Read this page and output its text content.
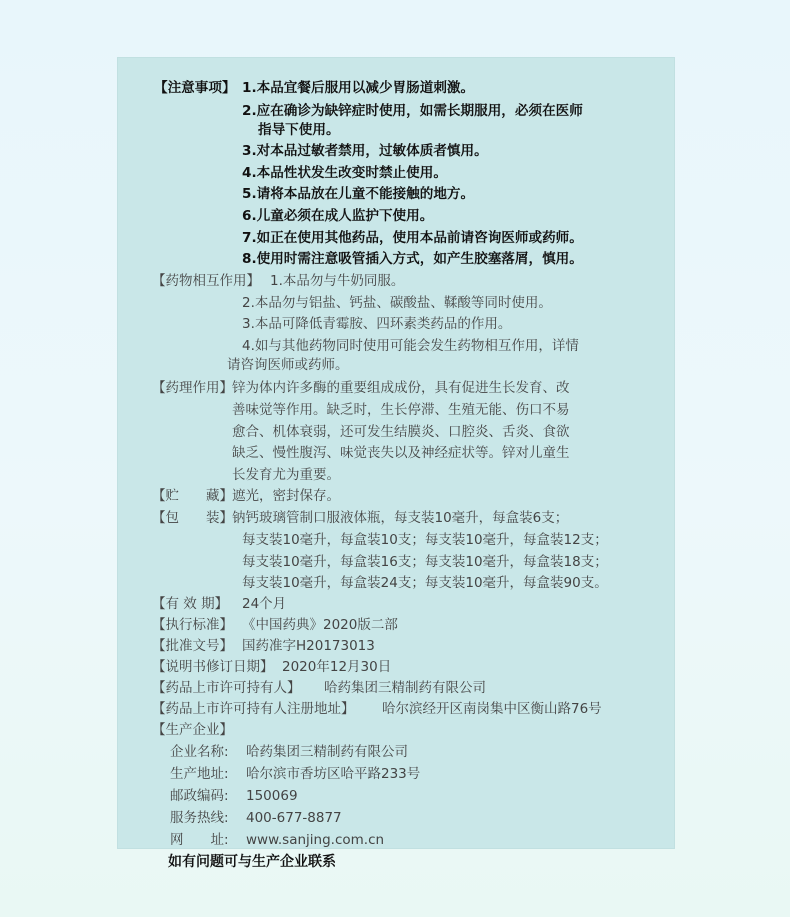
【注意事项】 1.本品宜餐后服用以减少胃肠道刺激。
2.应在确诊为缺锌症时使用，如需长期服用，必须在医师
指导下使用。
3.对本品过敏者禁用，过敏体质者慎用。
4.本品性状发生改变时禁止使用。
5.请将本品放在儿童不能接触的地方。
6.儿童必须在成人监护下使用。
7.如正在使用其他药品，使用本品前请咨询医师或药师。
8.使用时需注意吸管插入方式，如产生胶塞落屑，慎用。
【药物相互作用】 1.本品勿与牛奶同服。
2.本品勿与铝盐、钙盐、碳酸盐、鞣酸等同时使用。
3.本品可降低青霉胺、四环素类药品的作用。
4.如与其他药物同时使用可能会发生药物相互作用，详情
请咨询医师或药师。
【药理作用】 锌为体内许多酶的重要组成成份，具有促进生长发育、改
善味觉等作用。缺乏时，生长停滞、生殖无能、伤口不易
愈合、机体衰弱，还可发生结膜炎、口腔炎、舌炎、食欲
缺乏、慢性腹泻、味觉丧失以及神经症状等。锌对儿童生
长发育尤为重要。
【贮　　藏】 遮光，密封保存。
【包　　装】 钠钙玻璃管制口服液体瓶，每支装10毫升，每盒装6支；
每支装10毫升，每盒装10支；每支装10毫升，每盒装12支；
每支装10毫升，每盒装16支；每支装10毫升，每盒装18支；
每支装10毫升，每盒装24支；每支装10毫升，每盒装90支。
【有 效 期】 24个月
【执行标准】 《中国药典》2020版二部
【批准文号】 国药准字H20173013
【说明书修订日期】 2020年12月30日
【药品上市许可持有人】 哈药集团三精制药有限公司
【药品上市许可持有人注册地址】 哈尔滨经开区南岗集中区衡山路76号
【生产企业】
企业名称: 哈药集团三精制药有限公司
生产地址: 哈尔滨市香坊区哈平路233号
邮政编码: 150069
服务热线: 400-677-8877
网　　址: www.sanjing.com.cn
如有问题可与生产企业联系
